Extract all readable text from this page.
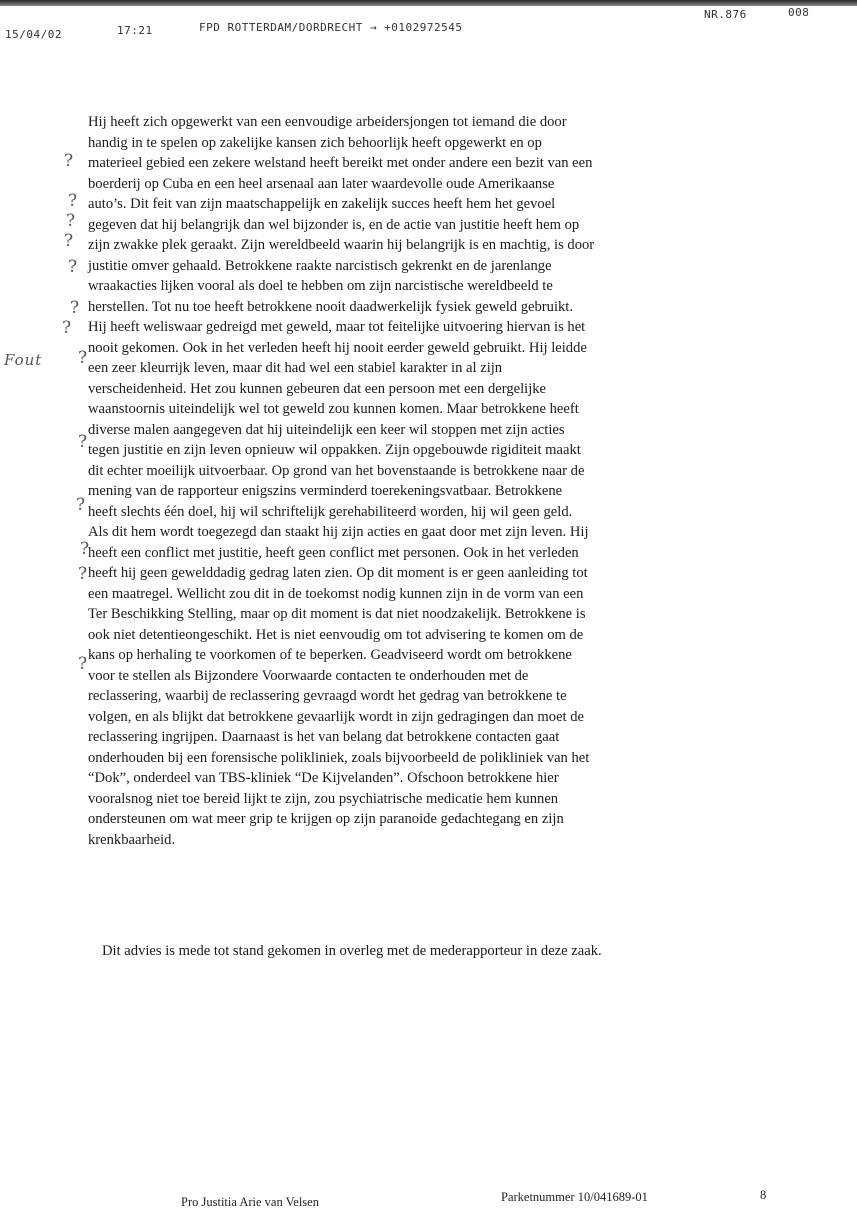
15/04/02	17:21	FPD ROTTERDAM/DORDRECHT → +0102972545
NR.876	008
Hij heeft zich opgewerkt van een eenvoudige arbeidersjongen tot iemand die door
handig in te spelen op zakelijke kansen zich behoorlijk heeft opgewerkt en op
materieel gebied een zekere welstand heeft bereikt met onder andere een bezit van een
boerderij op Cuba en een heel arsenaal aan later waardevolle oude Amerikaanse
auto’s. Dit feit van zijn maatschappelijk en zakelijk succes heeft hem het gevoel
gegeven dat hij belangrijk dan wel bijzonder is, en de actie van justitie heeft hem op
zijn zwakke plek geraakt. Zijn wereldbeeld waarin hij belangrijk is en machtig, is door
justitie omver gehaald. Betrokkene raakte narcistisch gekrenkt en de jarenlange
wraakacties lijken vooral als doel te hebben om zijn narcistische wereldbeeld te
herstellen. Tot nu toe heeft betrokkene nooit daadwerkelijk fysiek geweld gebruikt.
Hij heeft weliswaar gedreigd met geweld, maar tot feitelijke uitvoering hiervan is het
nooit gekomen. Ook in het verleden heeft hij nooit eerder geweld gebruikt. Hij leidde
een zeer kleurrijk leven, maar dit had wel een stabiel karakter in al zijn
verscheidenheid. Het zou kunnen gebeuren dat een persoon met een dergelijke
waanstoornis uiteindelijk wel tot geweld zou kunnen komen. Maar betrokkene heeft
diverse malen aangegeven dat hij uiteindelijk een keer wil stoppen met zijn acties
tegen justitie en zijn leven opnieuw wil oppakken. Zijn opgebouwde rigiditeit maakt
dit echter moeilijk uitvoerbaar. Op grond van het bovenstaande is betrokkene naar de
mening van de rapporteur enigszins verminderd toerekeningsvatbaar. Betrokkene
heeft slechts één doel, hij wil schriftelijk gerehabiliteerd worden, hij wil geen geld.
Als dit hem wordt toegezegd dan staakt hij zijn acties en gaat door met zijn leven. Hij
heeft een conflict met justitie, heeft geen conflict met personen. Ook in het verleden
heeft hij geen gewelddadig gedrag laten zien. Op dit moment is er geen aanleiding tot
een maatregel. Wellicht zou dit in de toekomst nodig kunnen zijn in de vorm van een
Ter Beschikking Stelling, maar op dit moment is dat niet noodzakelijk. Betrokkene is
ook niet detentieongeschikt. Het is niet eenvoudig om tot advisering te komen om de
kans op herhaling te voorkomen of te beperken. Geadviseerd wordt om betrokkene
voor te stellen als Bijzondere Voorwaarde contacten te onderhouden met de
reclassering, waarbij de reclassering gevraagd wordt het gedrag van betrokkene te
volgen, en als blijkt dat betrokkene gevaarlijk wordt in zijn gedragingen dan moet de
reclassering ingrijpen. Daarnaast is het van belang dat betrokkene contacten gaat
onderhouden bij een forensische polikliniek, zoals bijvoorbeeld de polikliniek van het
“Dok”, onderdeel van TBS-kliniek “De Kijvelanden”. Ofschoon betrokkene hier
vooralsnog niet toe bereid lijkt te zijn, zou psychiatrische medicatie hem kunnen
ondersteunen om wat meer grip te krijgen op zijn paranoide gedachtegang en zijn
krenkbaarheid.
Dit advies is mede tot stand gekomen in overleg met de mederapporteur in deze zaak.
Fout
?
?
?
?
?
?
?
?
?
?
?
?
?
Pro Justitia Arie van Velsen	Parketnummer 10/041689-01	8
